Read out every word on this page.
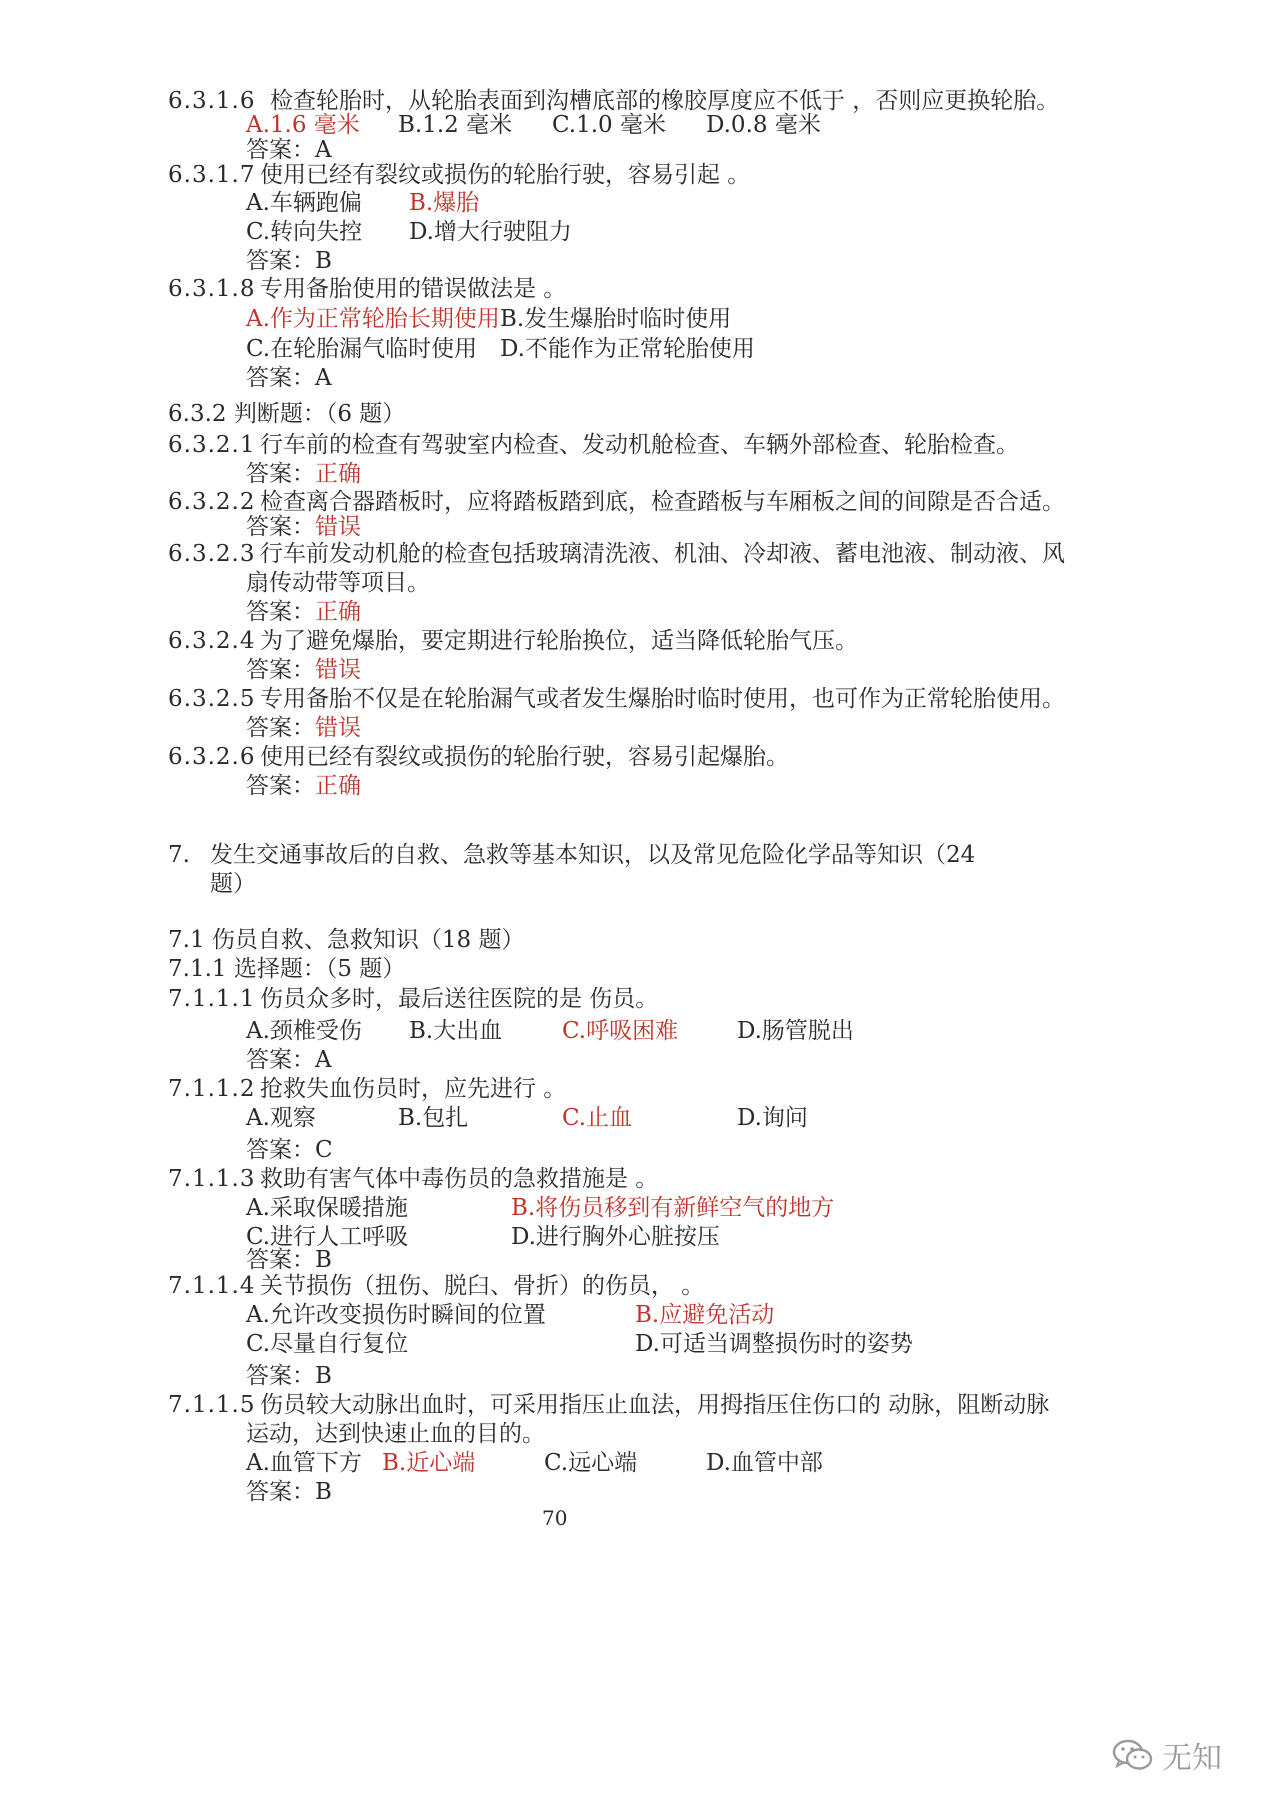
6.3.1.6 检查轮胎时，从轮胎表面到沟槽底部的橡胶厚度应不低于 ，否则应更换轮胎。
A.1.6 毫米 B.1.2 毫米 C.1.0 毫米 D.0.8 毫米
答案：A
6.3.1.7 使用已经有裂纹或损伤的轮胎行驶，容易引起 。
A.车辆跑偏 B.爆胎
C.转向失控 D.增大行驶阻力
答案：B
6.3.1.8 专用备胎使用的错误做法是 。
A.作为正常轮胎长期使用 B.发生爆胎时临时使用
C.在轮胎漏气临时使用 D.不能作为正常轮胎使用
答案：A
6.3.2 判断题：（6 题）
6.3.2.1 行车前的检查有驾驶室内检查、发动机舱检查、车辆外部检查、轮胎检查。
答案：正确
6.3.2.2 检查离合器踏板时，应将踏板踏到底，检查踏板与车厢板之间的间隙是否合适。
答案：错误
6.3.2.3 行车前发动机舱的检查包括玻璃清洗液、机油、冷却液、蓄电池液、制动液、风
扇传动带等项目。
答案：正确
6.3.2.4 为了避免爆胎，要定期进行轮胎换位，适当降低轮胎气压。
答案：错误
6.3.2.5 专用备胎不仅是在轮胎漏气或者发生爆胎时临时使用，也可作为正常轮胎使用。
答案：错误
6.3.2.6 使用已经有裂纹或损伤的轮胎行驶，容易引起爆胎。
答案：正确
7. 发生交通事故后的自救、急救等基本知识，以及常见危险化学品等知识（24
题）
7.1 伤员自救、急救知识（18 题）
7.1.1 选择题：（5 题）
7.1.1.1 伤员众多时，最后送往医院的是 伤员。
A.颈椎受伤 B.大出血	C.呼吸困难	D.肠管脱出
答案：A
7.1.1.2 抢救失血伤员时，应先进行 。
A.观察	B.包扎	C.止血	D.询问
答案：C
7.1.1.3 救助有害气体中毒伤员的急救措施是 。
A.采取保暖措施	B.将伤员移到有新鲜空气的地方
C.进行人工呼吸	D.进行胸外心脏按压
答案：B
7.1.1.4 关节损伤（扭伤、脱臼、骨折）的伤员， 。
A.允许改变损伤时瞬间的位置	B.应避免活动
C.尽量自行复位	D.可适当调整损伤时的姿势
答案：B
7.1.1.5 伤员较大动脉出血时，可采用指压止血法，用拇指压住伤口的 动脉，阻断动脉
运动，达到快速止血的目的。
A.血管下方 B.近心端	C.远心端	D.血管中部
答案：B
70
无知
